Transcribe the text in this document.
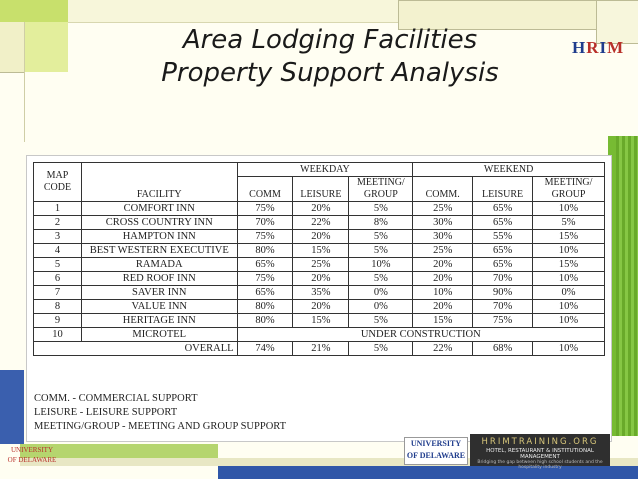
Area Lodging Facilities
Property Support Analysis
HRIM
MAP CODE	FACILITY	WEEKDAY			WEEKEND		
		COMM	LEISURE	MEETING/ GROUP	COMM.	LEISURE	MEETING/ GROUP
1	COMFORT INN	75%	20%	5%	25%	65%	10%
2	CROSS COUNTRY INN	70%	22%	8%	30%	65%	5%
3	HAMPTON INN	75%	20%	5%	30%	55%	15%
4	BEST WESTERN EXECUTIVE	80%	15%	5%	25%	65%	10%
5	RAMADA	65%	25%	10%	20%	65%	15%
6	RED ROOF INN	75%	20%	5%	20%	70%	10%
7	SAVER INN	65%	35%	0%	10%	90%	0%
8	VALUE INN	80%	20%	0%	20%	70%	10%
9	HERITAGE INN	80%	15%	5%	15%	75%	10%
10	MICROTEL	UNDER CONSTRUCTION					
OVERALL		74%	21%	5%	22%	68%	10%
COMM. - COMMERCIAL SUPPORT
LEISURE - LEISURE SUPPORT
MEETING/GROUP - MEETING AND GROUP SUPPORT
UNIVERSITY OF DELAWARE
HRIMTRAINING.ORG
HOTEL, RESTAURANT & INSTITUTIONAL MANAGEMENT
Bridging the gap between high school students and the hospitality industry
UNIVERSITY OF DELAWARE
